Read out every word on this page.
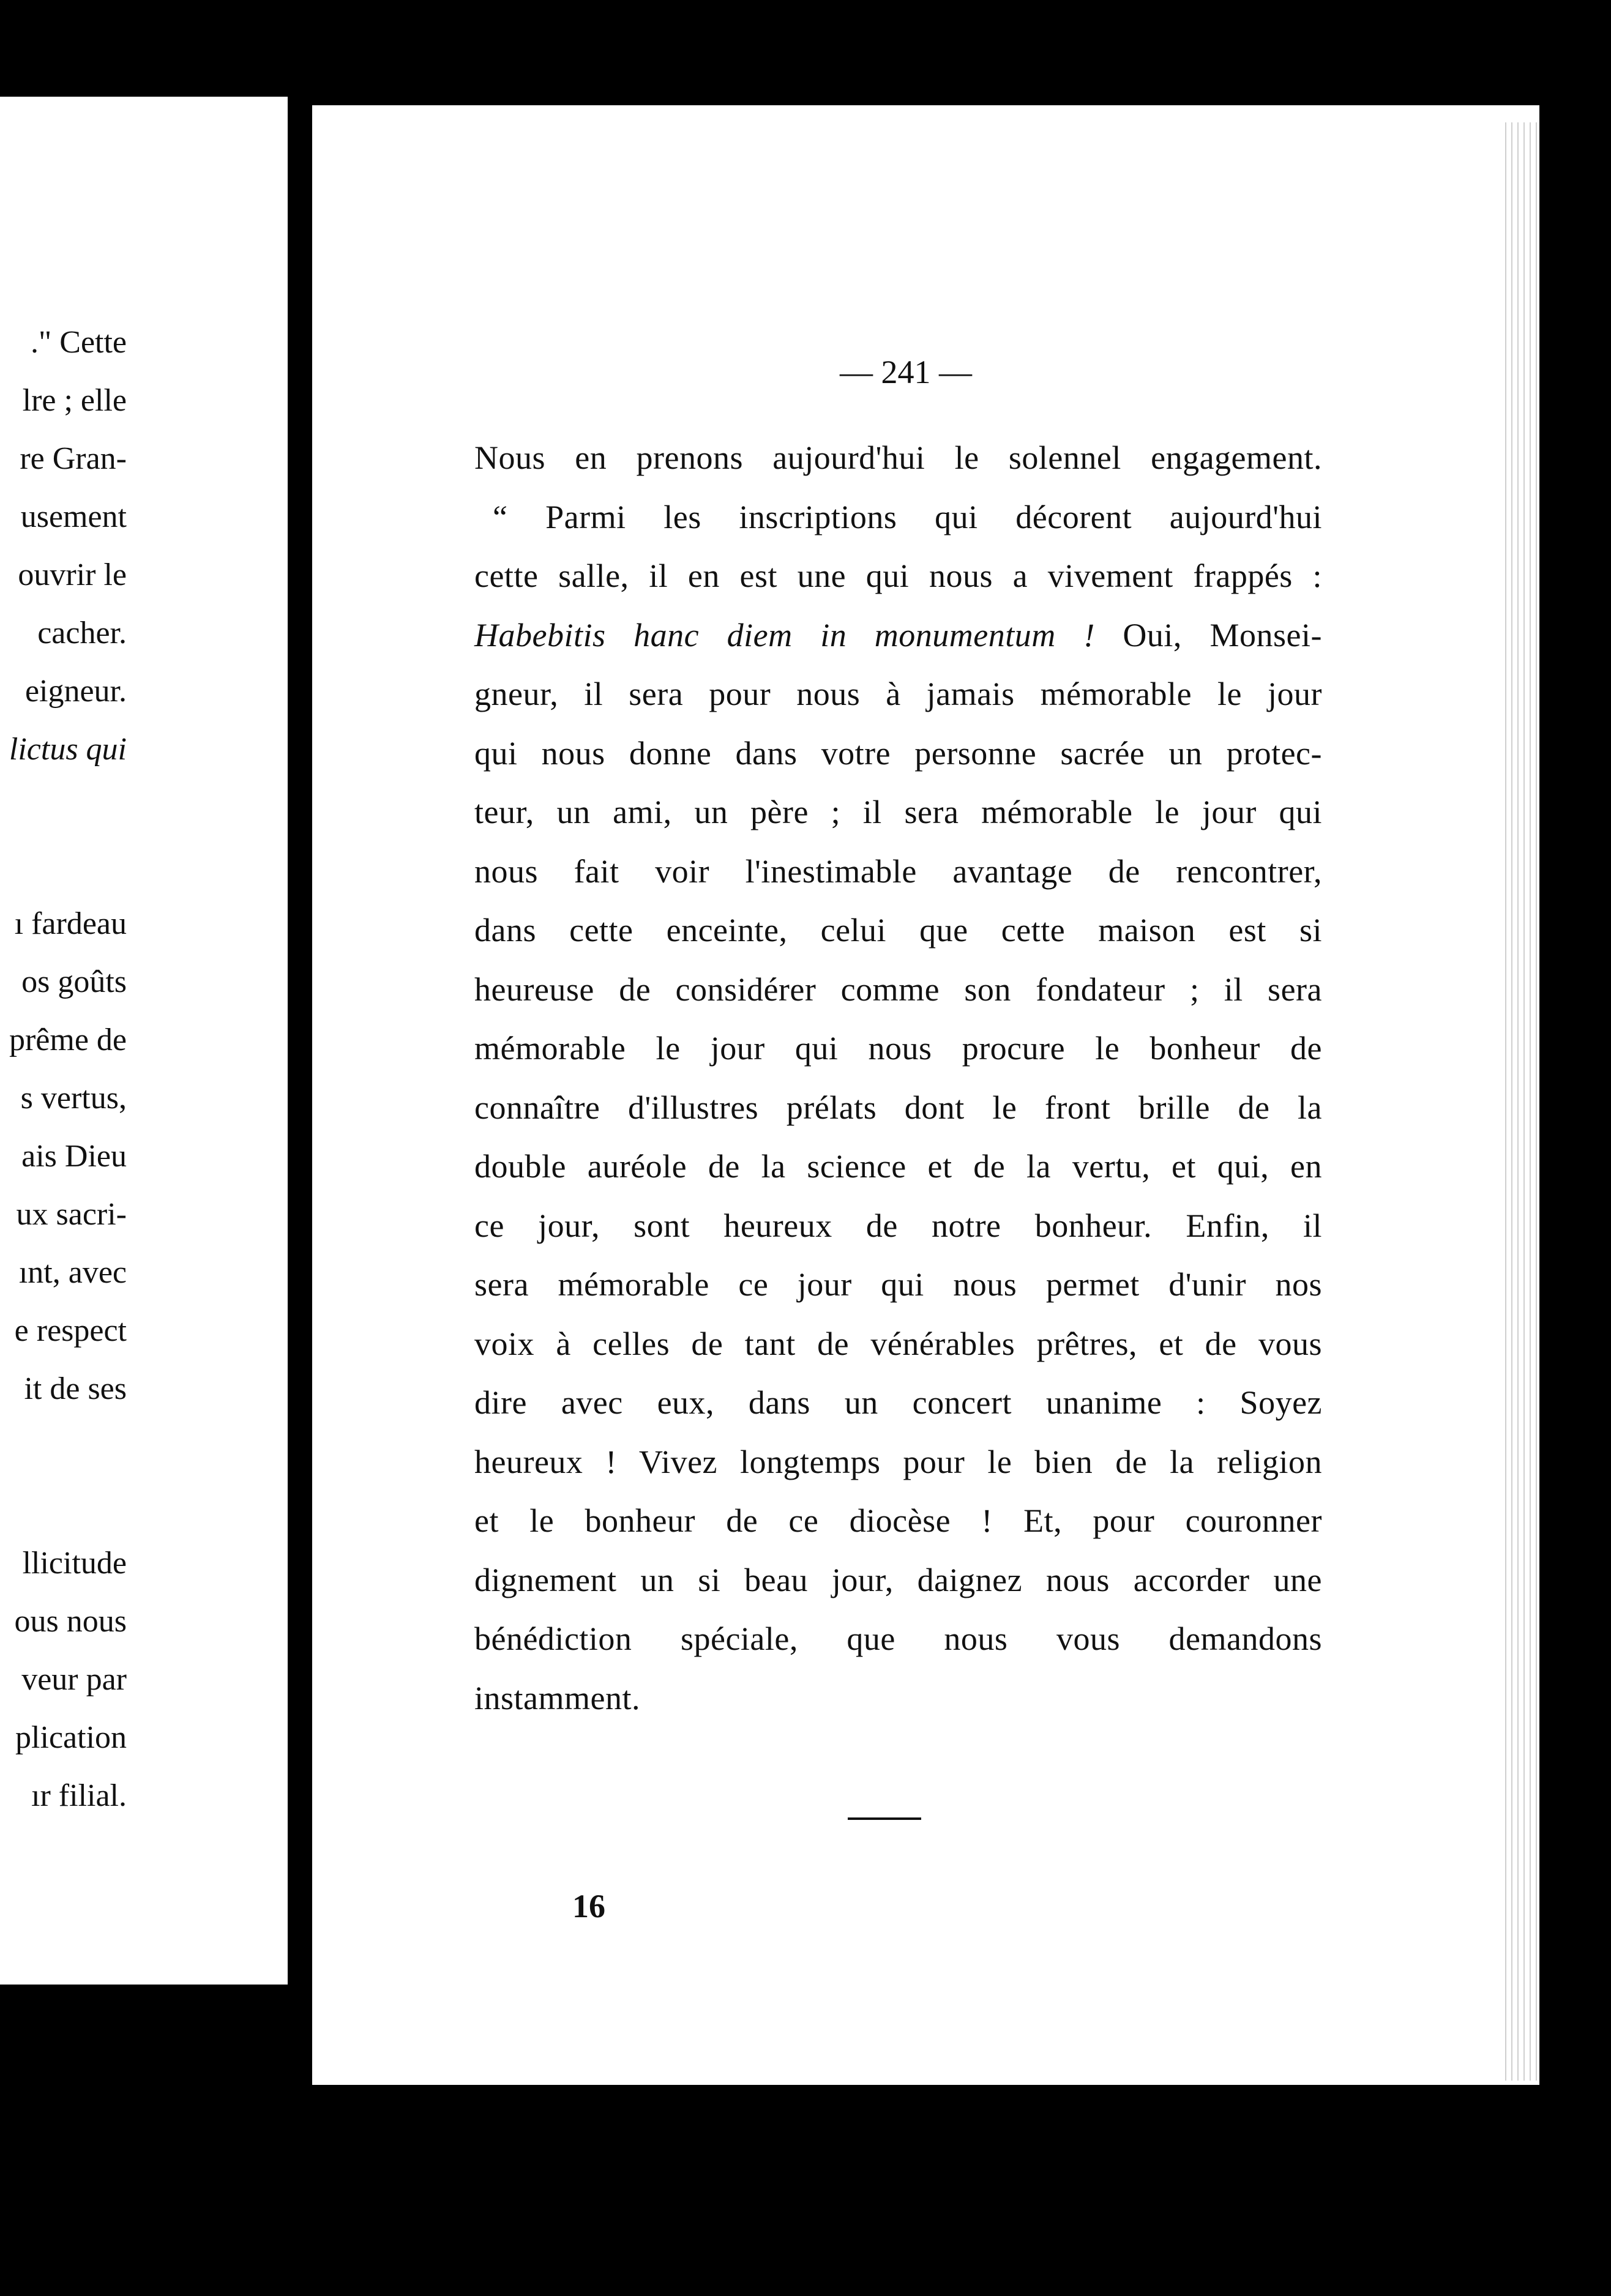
." Cette
lre ; elle
re Gran-
usement
ouvrir le
cacher.
eigneur.
lictus qui
ı fardeau
os goûts
prême de
s vertus,
ais Dieu
ux sacri-
ınt, avec
e respect
it de ses
llicitude
ous nous
veur par
plication
ır filial.
— 241 —
Nous en prenons aujourd'hui le solennel engagement.
“ Parmi les inscriptions qui décorent aujourd'hui
cette salle, il en est une qui nous a vivement frappés :
Habebitis hanc diem in monumentum ! Oui, Monsei-
gneur, il sera pour nous à jamais mémorable le jour
qui nous donne dans votre personne sacrée un protec-
teur, un ami, un père ; il sera mémorable le jour qui
nous fait voir l'inestimable avantage de rencontrer,
dans cette enceinte, celui que cette maison est si
heureuse de considérer comme son fondateur ; il sera
mémorable le jour qui nous procure le bonheur de
connaître d'illustres prélats dont le front brille de la
double auréole de la science et de la vertu, et qui, en
ce jour, sont heureux de notre bonheur. Enfin, il
sera mémorable ce jour qui nous permet d'unir nos
voix à celles de tant de vénérables prêtres, et de vous
dire avec eux, dans un concert unanime : Soyez
heureux ! Vivez longtemps pour le bien de la religion
et le bonheur de ce diocèse ! Et, pour couronner
dignement un si beau jour, daignez nous accorder une
bénédiction spéciale, que nous vous demandons
instamment.
16
